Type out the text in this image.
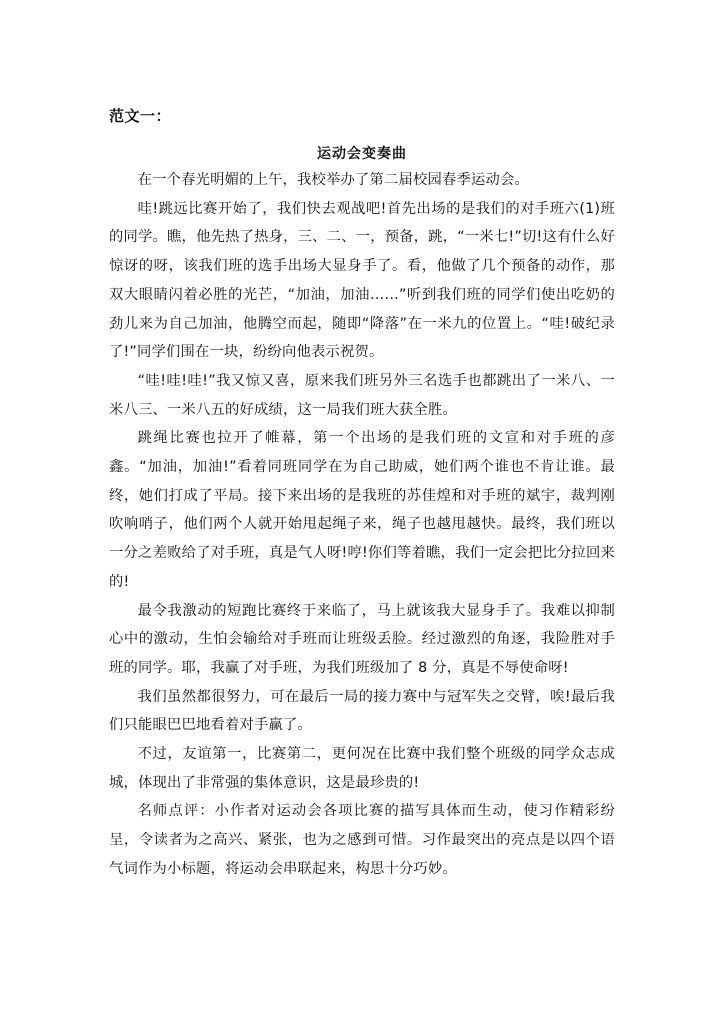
范文一：
运动会变奏曲

在一个春光明媚的上午，我校举办了第二届校园春季运动会。

哇!跳远比赛开始了，我们快去观战吧!首先出场的是我们的对手班六(1)班的同学。瞧，他先热了热身，三、二、一，预备，跳，“一米七!”切!这有什么好惊讶的呀，该我们班的选手出场大显身手了。看，他做了几个预备的动作，那双大眼睛闪着必胜的光芒，“加油，加油……”听到我们班的同学们使出吃奶的劲儿来为自己加油，他腾空而起，随即“降落”在一米九的位置上。“哇!破纪录了!”同学们围在一块，纷纷向他表示祝贺。

“哇!哇!哇!”我又惊又喜，原来我们班另外三名选手也都跳出了一米八、一米八三、一米八五的好成绩，这一局我们班大获全胜。

跳绳比赛也拉开了帷幕，第一个出场的是我们班的文宣和对手班的彦鑫。“加油，加油!”看着同班同学在为自己助威，她们两个谁也不肯让谁。最终，她们打成了平局。接下来出场的是我班的苏佳煌和对手班的斌宇，裁判刚吹响哨子，他们两个人就开始甩起绳子来，绳子也越甩越快。最终，我们班以一分之差败给了对手班，真是气人呀!哼!你们等着瞧，我们一定会把比分拉回来的!

最令我激动的短跑比赛终于来临了，马上就该我大显身手了。我难以抑制心中的激动，生怕会输给对手班而让班级丢脸。经过激烈的角逐，我险胜对手班的同学。耶，我赢了对手班，为我们班级加了 8 分，真是不辱使命呀!

我们虽然都很努力，可在最后一局的接力赛中与冠军失之交臂，唉!最后我们只能眼巴巴地看着对手赢了。

不过，友谊第一，比赛第二，更何况在比赛中我们整个班级的同学众志成城，体现出了非常强的集体意识，这是最珍贵的!

名师点评：小作者对运动会各项比赛的描写具体而生动，使习作精彩纷呈，令读者为之高兴、紧张，也为之感到可惜。习作最突出的亮点是以四个语气词作为小标题，将运动会串联起来，构思十分巧妙。
